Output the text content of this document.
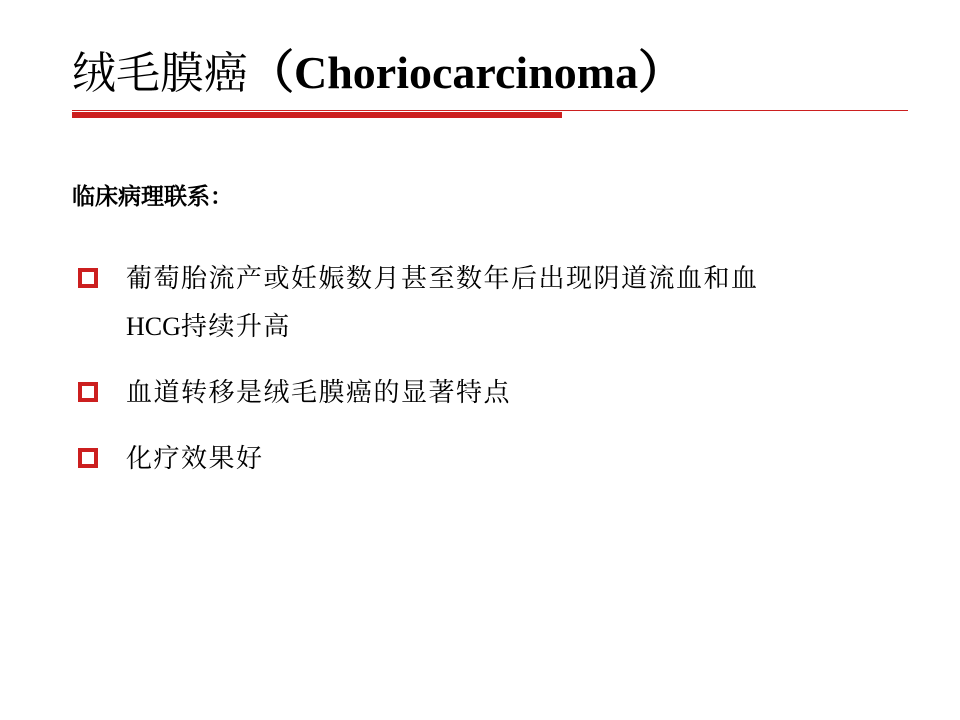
绒毛膜癌（Choriocarcinoma）
临床病理联系：
葡萄胎流产或妊娠数月甚至数年后出现阴道流血和血
HCG持续升高
血道转移是绒毛膜癌的显著特点
化疗效果好
